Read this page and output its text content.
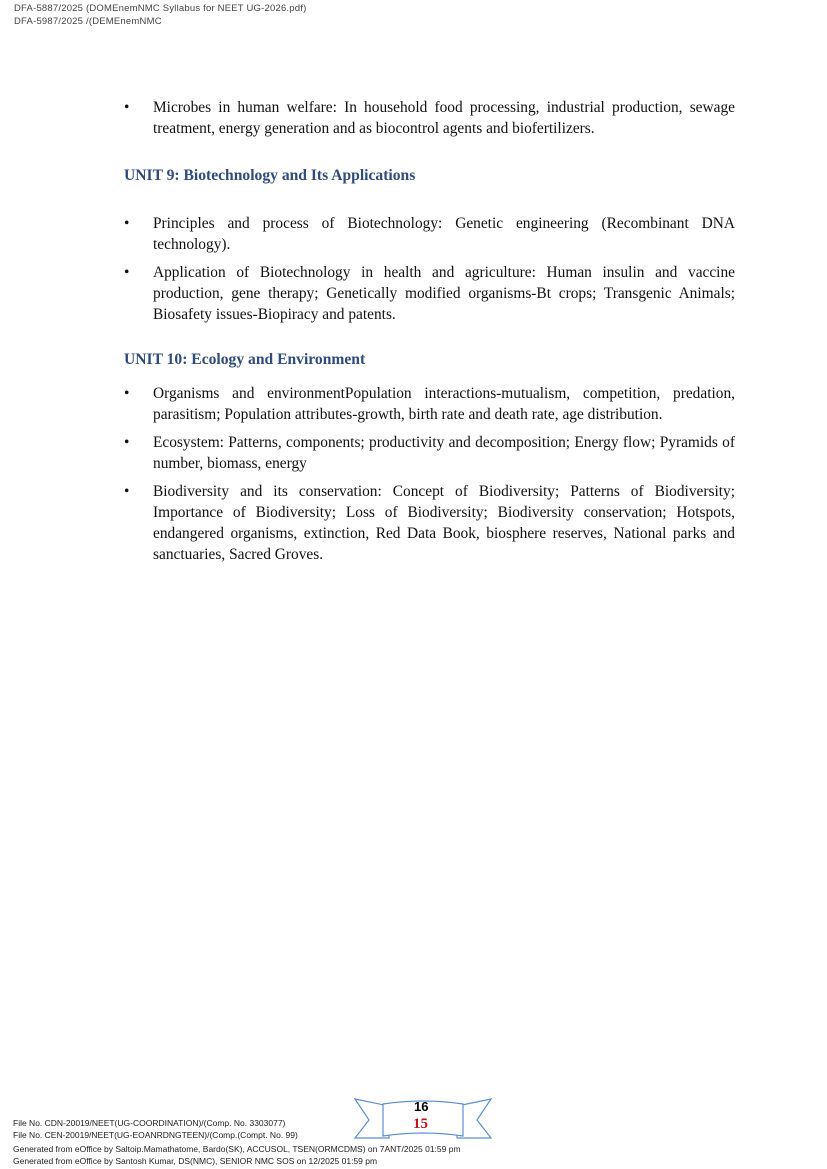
DFA-5887/2025 (DOMEnemNMC Syllabus for NEET UG-2026.pdf)
DFA-5987/2025 /(DEMEnemNMC
• Microbes in human welfare: In household food processing, industrial production, sewage treatment, energy generation and as biocontrol agents and biofertilizers.
UNIT 9: Biotechnology and Its Applications
• Principles and process of Biotechnology: Genetic engineering (Recombinant DNA technology).
• Application of Biotechnology in health and agriculture: Human insulin and vaccine production, gene therapy; Genetically modified organisms-Bt crops; Transgenic Animals; Biosafety issues-Biopiracy and patents.
UNIT 10: Ecology and Environment
• Organisms and environmentPopulation interactions-mutualism, competition, predation, parasitism; Population attributes-growth, birth rate and death rate, age distribution.
• Ecosystem: Patterns, components; productivity and decomposition; Energy flow; Pyramids of number, biomass, energy
• Biodiversity and its conservation: Concept of Biodiversity; Patterns of Biodiversity; Importance of Biodiversity; Loss of Biodiversity; Biodiversity conservation; Hotspots, endangered organisms, extinction, Red Data Book, biosphere reserves, National parks and sanctuaries, Sacred Groves.
16
15
File No. CDN-20019/NEET(UG-COORDINATION)/(Comp. No. 3303077)
File No. CEN-20019/NEET(UG-EOANRDNGTEEN)/(Comp.(Compt. No. 99)
Generated from eOffice by Saltoip.Mamathatome, Bardo(SK), ACCUSOL, TSEN(ORMCDMS) on 7ANT/2025 01:59 pm
Generated from eOffice by Santosh Kumar, DS(NMC), SENIOR NMC SOS on 12/2025 01:59 pm
